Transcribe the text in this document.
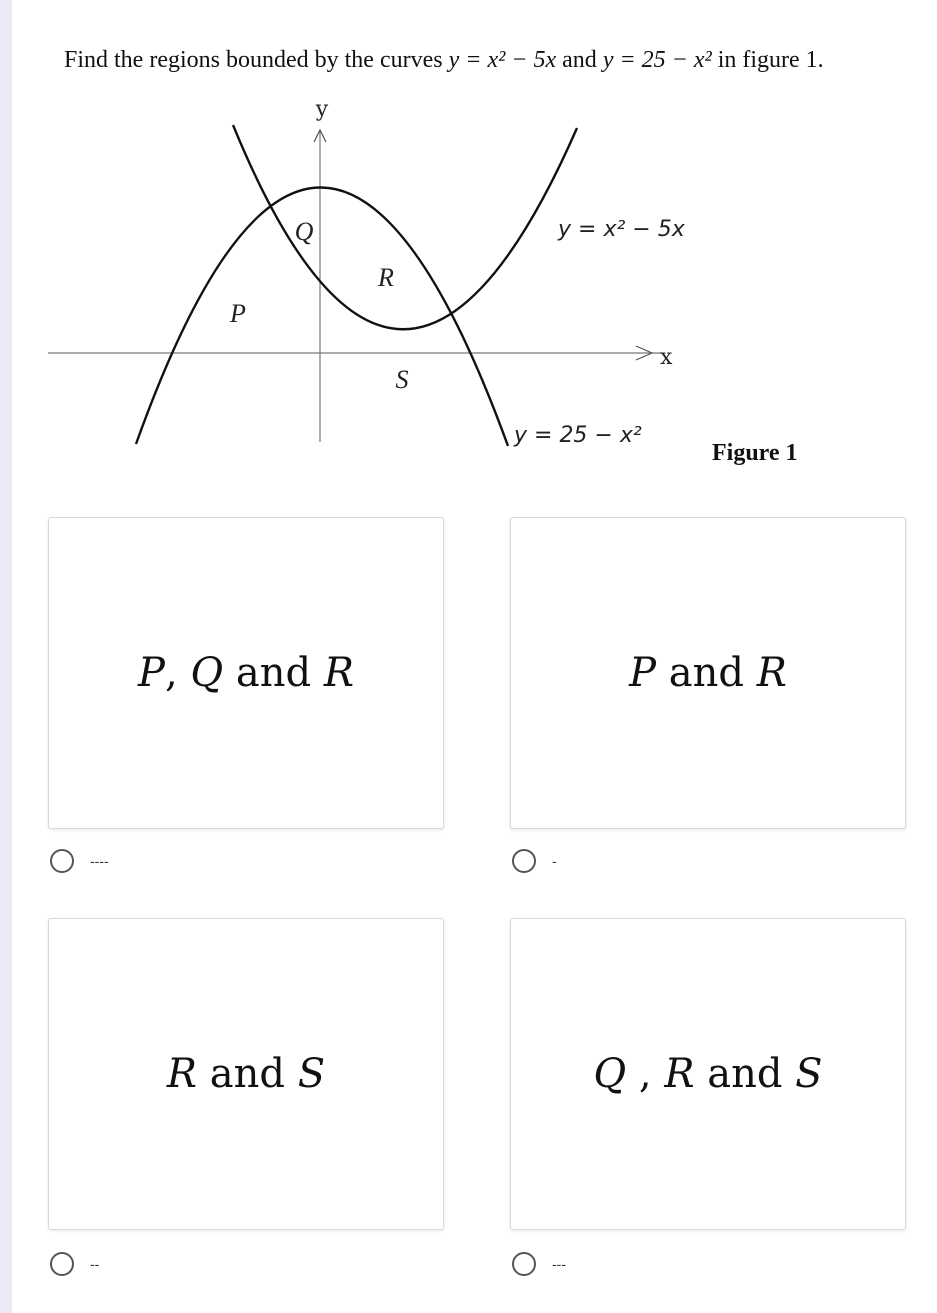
Find the regions bounded by the curves y = x² − 5x and y = 25 − x² in figure 1.
y
x
Q
R
P
S
y = x² − 5x
y = 25 − x²
Figure 1
P, Q and R
----
P and R
-
R and S
--
Q , R and S
---
